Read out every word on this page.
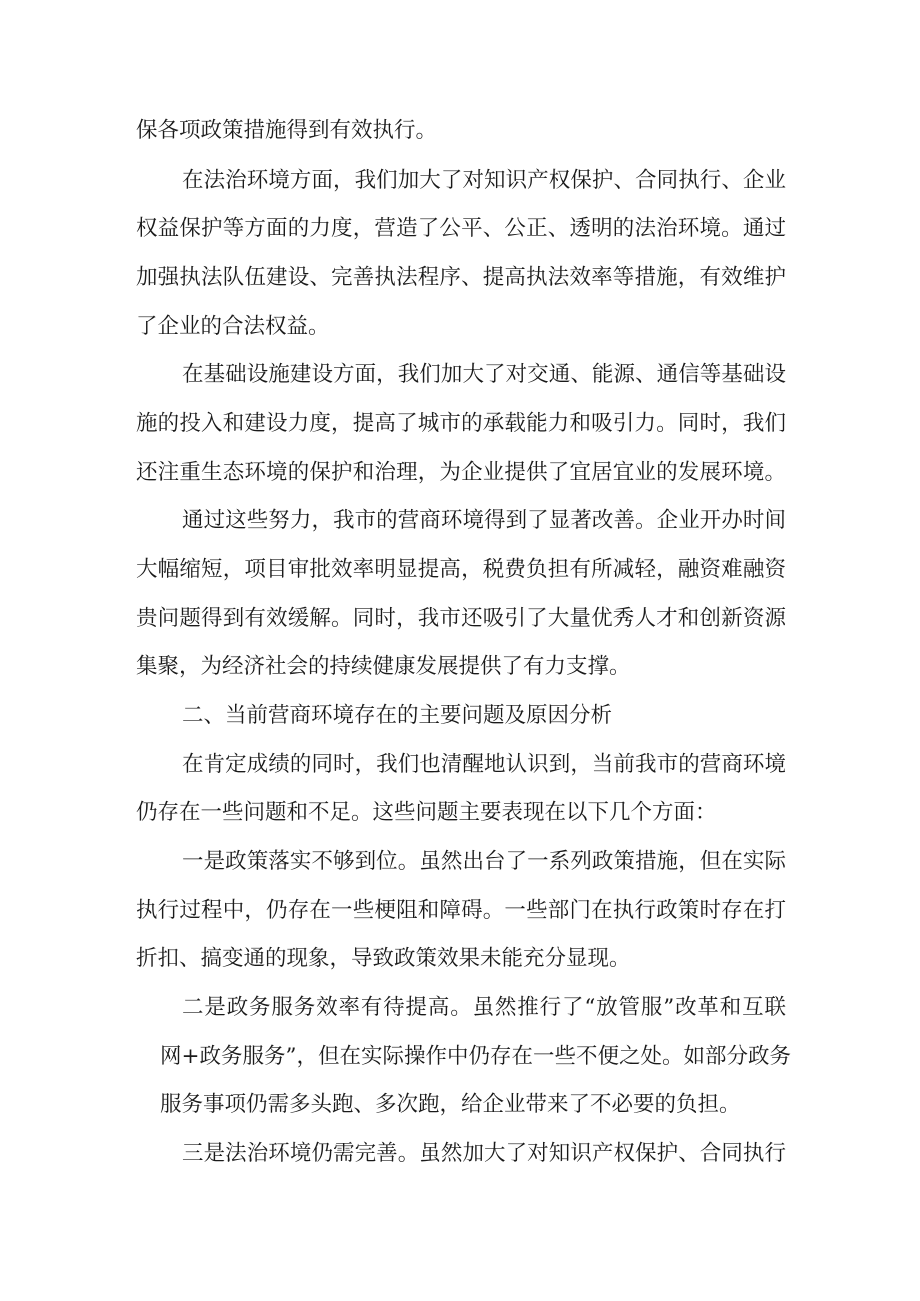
保各项政策措施得到有效执行。
在法治环境方面，我们加大了对知识产权保护、合同执行、企业
权益保护等方面的力度，营造了公平、公正、透明的法治环境。通过
加强执法队伍建设、完善执法程序、提高执法效率等措施，有效维护
了企业的合法权益。
在基础设施建设方面，我们加大了对交通、能源、通信等基础设
施的投入和建设力度，提高了城市的承载能力和吸引力。同时，我们
还注重生态环境的保护和治理，为企业提供了宜居宜业的发展环境。
通过这些努力，我市的营商环境得到了显著改善。企业开办时间
大幅缩短，项目审批效率明显提高，税费负担有所减轻，融资难融资
贵问题得到有效缓解。同时，我市还吸引了大量优秀人才和创新资源
集聚，为经济社会的持续健康发展提供了有力支撑。
二、当前营商环境存在的主要问题及原因分析
在肯定成绩的同时，我们也清醒地认识到，当前我市的营商环境
仍存在一些问题和不足。这些问题主要表现在以下几个方面：
一是政策落实不够到位。虽然出台了一系列政策措施，但在实际
执行过程中，仍存在一些梗阻和障碍。一些部门在执行政策时存在打
折扣、搞变通的现象，导致政策效果未能充分显现。
二是政务服务效率有待提高。虽然推行了“放管服”改革和互联
网+政务服务”，但在实际操作中仍存在一些不便之处。如部分政务
服务事项仍需多头跑、多次跑，给企业带来了不必要的负担。
三是法治环境仍需完善。虽然加大了对知识产权保护、合同执行
